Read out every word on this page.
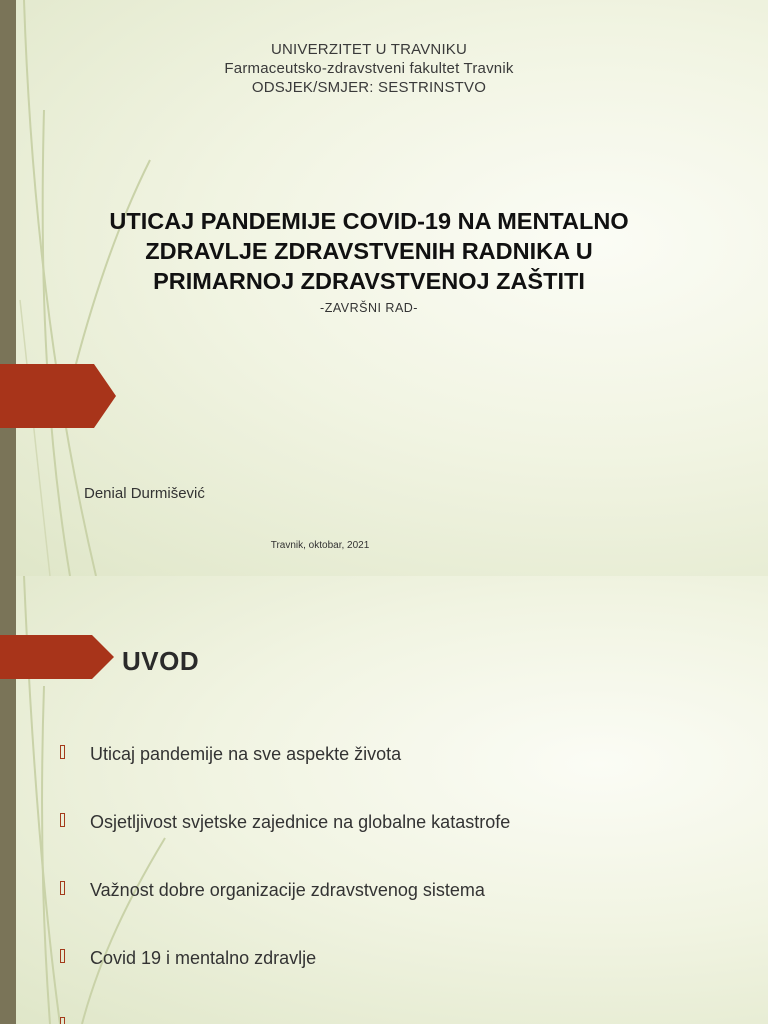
UNIVERZITET U TRAVNIKU
Farmaceutsko-zdravstveni fakultet Travnik
ODSJEK/SMJER: SESTRINSTVO
UTICAJ PANDEMIJE COVID-19 NA MENTALNO
ZDRAVLJE ZDRAVSTVENIH RADNIKA U
PRIMARNOJ ZDRAVSTVENOJ ZAŠTITI
-ZAVRŠNI RAD-
Denial Durmišević
Travnik, oktobar, 2021
UVOD
Uticaj pandemije na sve aspekte života
Osjetljivost svjetske zajednice na globalne katastrofe
Važnost dobre organizacije zdravstvenog sistema
Covid 19 i mentalno zdravlje
